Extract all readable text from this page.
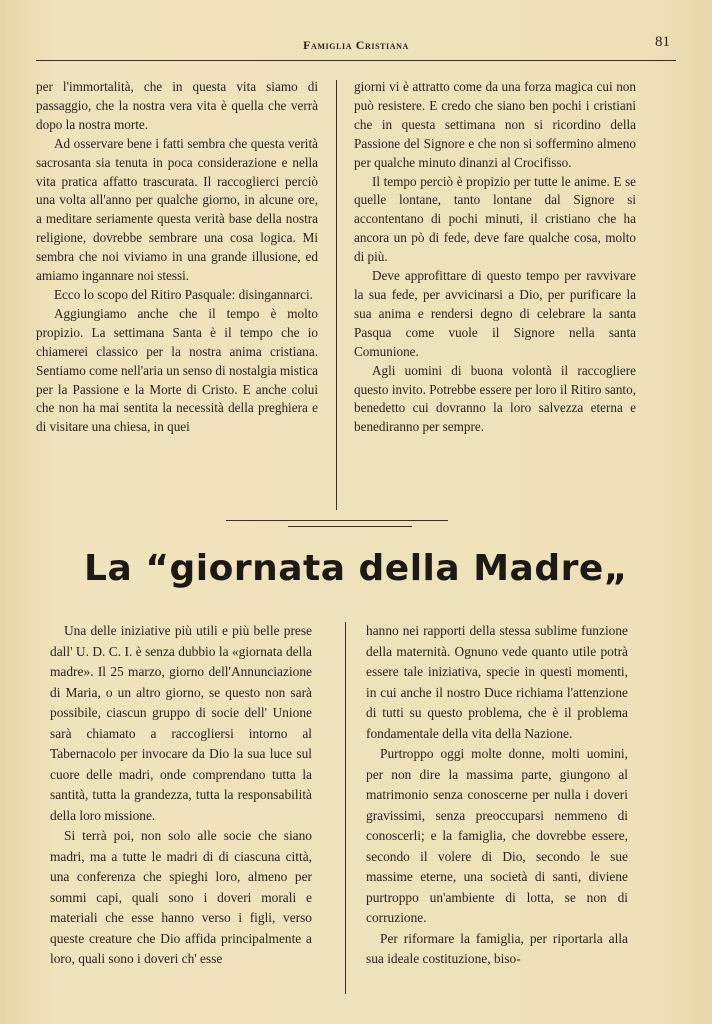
Famiglia Cristiana	81

per l'immortalità, che in questa vita siamo di passaggio, che la nostra vera vita è quella che verrà dopo la nostra morte.

Ad osservare bene i fatti sembra che questa verità sacrosanta sia tenuta in poca considerazione e nella vita pratica affatto trascurata. Il raccoglierci perciò una volta all'anno per qualche giorno, in alcune ore, a meditare seriamente questa verità base della nostra religione, dovrebbe sembrare una cosa logica. Mi sembra che noi viviamo in una grande illusione, ed amiamo ingannare noi stessi.

Ecco lo scopo del Ritiro Pasquale: disingannarci.

Aggiungiamo anche che il tempo è molto propizio. La settimana Santa è il tempo che io chiamerei classico per la nostra anima cristiana. Sentiamo come nell'aria un senso di nostalgia mistica per la Passione e la Morte di Cristo. E anche colui che non ha mai sentita la necessità della preghiera e di visitare una chiesa, in quei

giorni vi è attratto come da una forza magica cui non può resistere. E credo che siano ben pochi i cristiani che in questa settimana non si ricordino della Passione del Signore e che non si soffermino almeno per qualche minuto dinanzi al Crocifisso.

Il tempo perciò è propizio per tutte le anime. E se quelle lontane, tanto lontane dal Signore si accontentano di pochi minuti, il cristiano che ha ancora un pò di fede, deve fare qualche cosa, molto di più.

Deve approfittare di questo tempo per ravvivare la sua fede, per avvicinarsi a Dio, per purificare la sua anima e rendersi degno di celebrare la santa Pasqua come vuole il Signore nella santa Comunione.

Agli uomini di buona volontà il raccogliere questo invito. Potrebbe essere per loro il Ritiro santo, benedetto cui dovranno la loro salvezza eterna e benediranno per sempre.

La “giornata della Madre„

Una delle iniziative più utili e più belle prese dall' U. D. C. I. è senza dubbio la «giornata della madre». Il 25 marzo, giorno dell'Annunciazione di Maria, o un altro giorno, se questo non sarà possibile, ciascun gruppo di socie dell' Unione sarà chiamato a raccogliersi intorno al Tabernacolo per invocare da Dio la sua luce sul cuore delle madri, onde comprendano tutta la santità, tutta la grandezza, tutta la responsabilità della loro missione.

Si terrà poi, non solo alle socie che siano madri, ma a tutte le madri di di ciascuna città, una conferenza che spieghi loro, almeno per sommi capi, quali sono i doveri morali e materiali che esse hanno verso i figli, verso queste creature che Dio affida principalmente a loro, quali sono i doveri ch' esse

hanno nei rapporti della stessa sublime funzione della maternità. Ognuno vede quanto utile potrà essere tale iniziativa, specie in questi momenti, in cui anche il nostro Duce richiama l'attenzione di tutti su questo problema, che è il problema fondamentale della vita della Nazione.

Purtroppo oggi molte donne, molti uomini, per non dire la massima parte, giungono al matrimonio senza conoscerne per nulla i doveri gravissimi, senza preoccuparsi nemmeno di conoscerli; e la famiglia, che dovrebbe essere, secondo il volere di Dio, secondo le sue massime eterne, una società di santi, diviene purtroppo un'ambiente di lotta, se non di corruzione.

Per riformare la famiglia, per riportarla alla sua ideale costituzione, biso-
